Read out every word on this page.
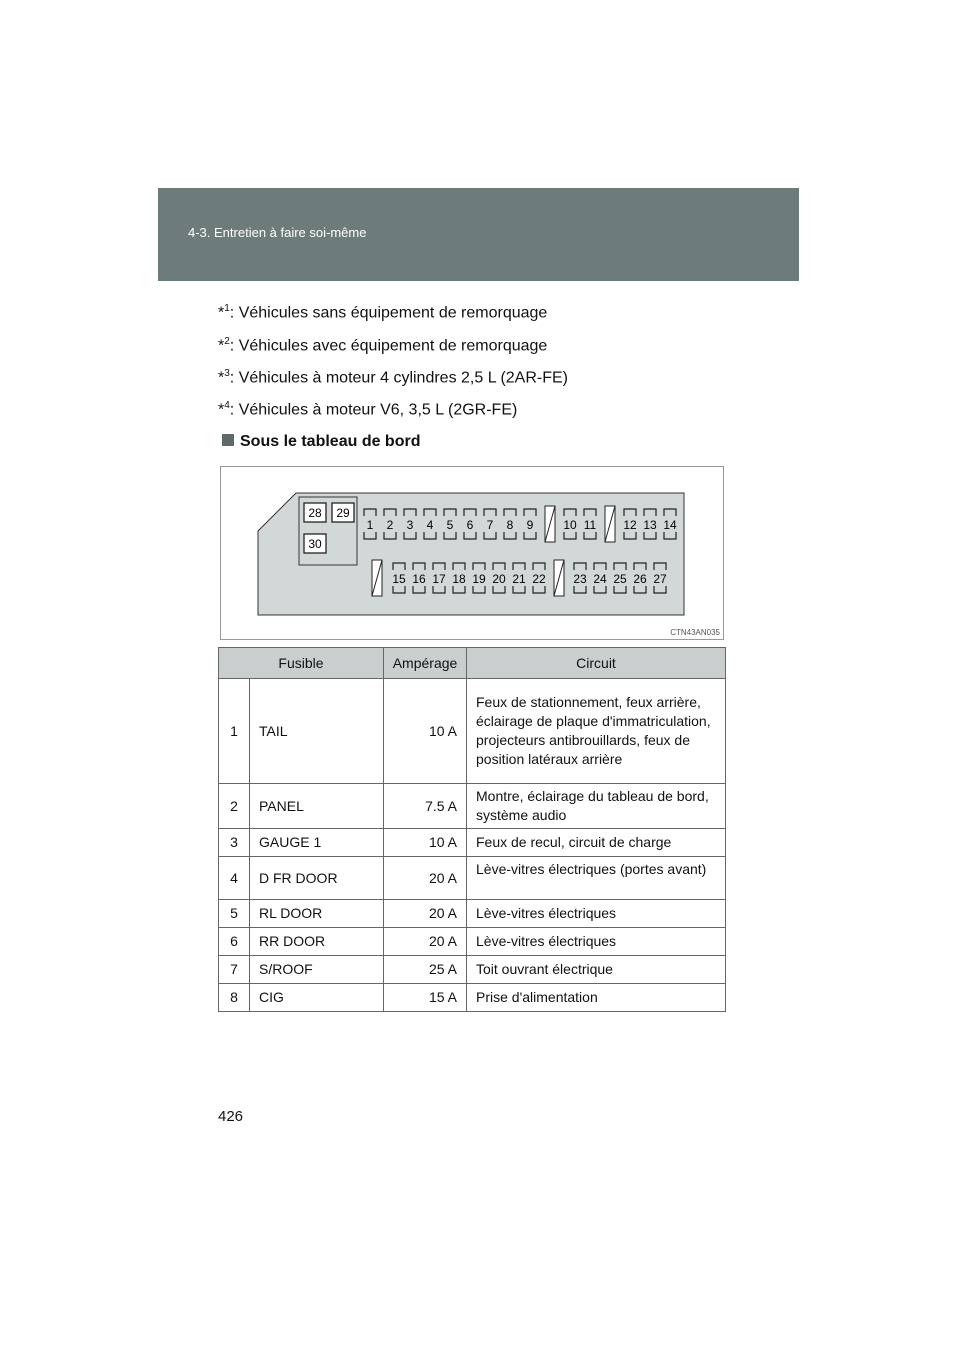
4-3. Entretien à faire soi-même
*$^1$: Véhicules sans équipement de remorquage
*$^2$: Véhicules avec équipement de remorquage
*$^3$: Véhicules à moteur 4 cylindres 2,5 L (2AR-FE)
*$^4$: Véhicules à moteur V6, 3,5 L (2GR-FE)
Sous le tableau de bord
1 2 3 4 5 6 7 8 9 10 11 12 13 14
15 16 17 18 19 20 21 22 23 24 25 26 27
28 29
30
CTN43AN035
Fusible		Ampérage	Circuit
1	TAIL	10 A	Feux de stationnement, feux arrière, éclairage de plaque d'immatriculation, projecteurs antibrouillards, feux de position latéraux arrière
2	PANEL	7.5 A	Montre, éclairage du tableau de bord, système audio
3	GAUGE 1	10 A	Feux de recul, circuit de charge
4	D FR DOOR	20 A	Lève-vitres électriques (portes avant)
5	RL DOOR	20 A	Lève-vitres électriques
6	RR DOOR	20 A	Lève-vitres électriques
7	S/ROOF	25 A	Toit ouvrant électrique
8	CIG	15 A	Prise d'alimentation
426
